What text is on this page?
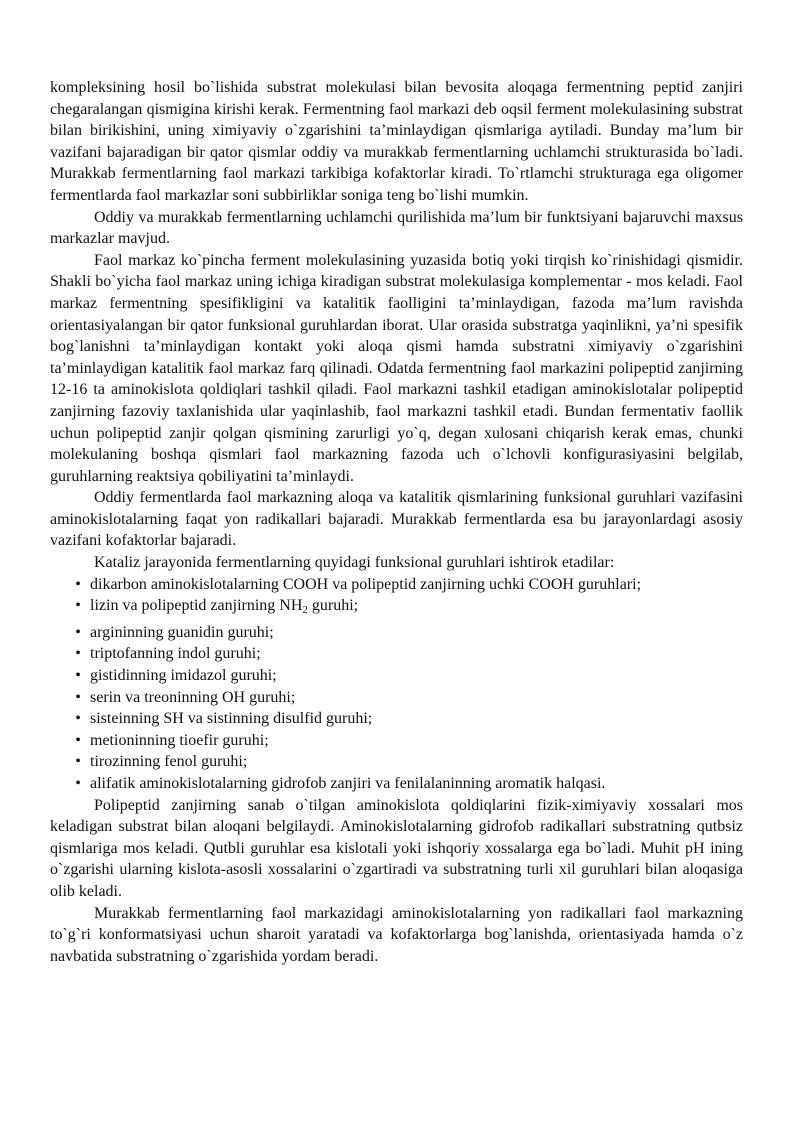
kompleksining hosil bo`lishida substrat molekulasi bilan bevosita aloqaga fermentning peptid zanjiri chegaralangan qismigina kirishi kerak. Fermentning faol markazi deb oqsil ferment molekulasining substrat bilan birikishini, uning ximiyaviy o`zgarishini ta’minlaydigan qismlariga aytiladi. Bunday ma’lum bir vazifani bajaradigan bir qator qismlar oddiy va murakkab fermentlarning uchlamchi strukturasida bo`ladi. Murakkab fermentlarning faol markazi tarkibiga kofaktorlar kiradi. To`rtlamchi strukturaga ega oligomer fermentlarda faol markazlar soni subbirliklar soniga teng bo`lishi mumkin.

Oddiy va murakkab fermentlarning uchlamchi qurilishida ma’lum bir funktsiyani bajaruvchi maxsus markazlar mavjud.

Faol markaz ko`pincha ferment molekulasining yuzasida botiq yoki tirqish ko`rinishidagi qismidir. Shakli bo`yicha faol markaz uning ichiga kiradigan substrat molekulasiga komplementar - mos keladi. Faol markaz fermentning spesifikligini va katalitik faolligini ta’minlaydigan, fazoda ma’lum ravishda orientasiyalangan bir qator funksional guruhlardan iborat. Ular orasida substratga yaqinlikni, ya’ni spesifik bog`lanishni ta’minlaydigan kontakt yoki aloqa qismi hamda substratni ximiyaviy o`zgarishini ta’minlaydigan katalitik faol markaz farq qilinadi. Odatda fermentning faol markazini polipeptid zanjirning 12-16 ta aminokislota qoldiqlari tashkil qiladi. Faol markazni tashkil etadigan aminokislotalar polipeptid zanjirning fazoviy taxlanishida ular yaqinlashib, faol markazni tashkil etadi. Bundan fermentativ faollik uchun polipeptid zanjir qolgan qismining zarurligi yo`q, degan xulosani chiqarish kerak emas, chunki molekulaning boshqa qismlari faol markazning fazoda uch o`lchovli konfigurasiyasini belgilab, guruhlarning reaktsiya qobiliyatini ta’minlaydi.

Oddiy fermentlarda faol markazning aloqa va katalitik qismlarining funksional guruhlari vazifasini aminokislotalarning faqat yon radikallari bajaradi. Murakkab fermentlarda esa bu jarayonlardagi asosiy vazifani kofaktorlar bajaradi.

Kataliz jarayonida fermentlarning quyidagi funksional guruhlari ishtirok etadilar:

• dikarbon aminokislotalarning COOH va polipeptid zanjirning uchki COOH guruhlari;
• lizin va polipeptid zanjirning $NH_2$ guruhi;
• argininning guanidin guruhi;
• triptofanning indol guruhi;
• gistidinning imidazol guruhi;
• serin va treoninning OH guruhi;
• sisteinning SH va sistinning disulfid guruhi;
• metioninning tioefir guruhi;
• tirozinning fenol guruhi;
• alifatik aminokislotalarning gidrofob zanjiri va fenilalaninning aromatik halqasi.

Polipeptid zanjirning sanab o`tilgan aminokislota qoldiqlarini fizik-ximiyaviy xossalari mos keladigan substrat bilan aloqani belgilaydi. Aminokislotalarning gidrofob radikallari substratning qutbsiz qismlariga mos keladi. Qutbli guruhlar esa kislotali yoki ishqoriy xossalarga ega bo`ladi. Muhit pH ining o`zgarishi ularning kislota-asosli xossalarini o`zgartiradi va substratning turli xil guruhlari bilan aloqasiga olib keladi.

Murakkab fermentlarning faol markazidagi aminokislotalarning yon radikallari faol markazning to`g`ri konformatsiyasi uchun sharoit yaratadi va kofaktorlarga bog`lanishda, orientasiyada hamda o`z navbatida substratning o`zgarishida yordam beradi.
